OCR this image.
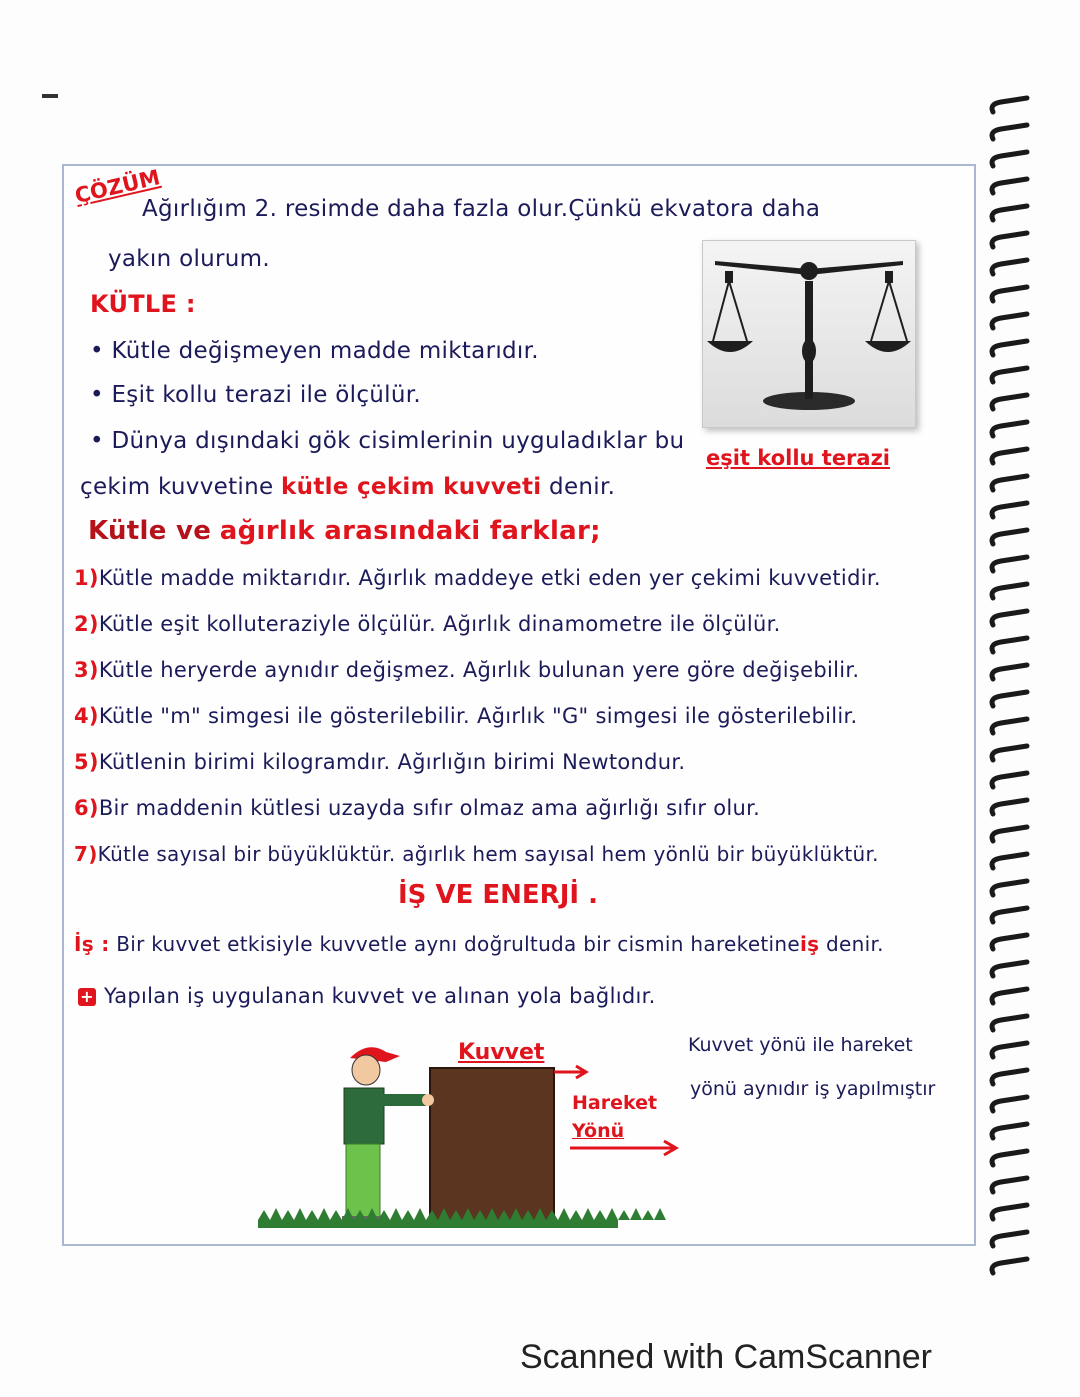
ÇÖZÜM
Ağırlığım 2. resimde daha fazla olur.Çünkü ekvatora daha
yakın olurum.
KÜTLE :
• Kütle değişmeyen madde miktarıdır.
• Eşit kollu terazi ile ölçülür.
• Dünya dışındaki gök cisimlerinin uyguladıklar bu
çekim kuvvetine kütle çekim kuvveti denir.
eşit kollu terazi
Kütle ve ağırlık arasındaki farklar;
1)Kütle madde miktarıdır. Ağırlık maddeye etki eden yer çekimi kuvvetidir.
2)Kütle eşit kolluteraziyle ölçülür. Ağırlık dinamometre ile ölçülür.
3)Kütle heryerde aynıdır değişmez. Ağırlık bulunan yere göre değişebilir.
4)Kütle "m" simgesi ile gösterilebilir. Ağırlık "G" simgesi ile gösterilebilir.
5)Kütlenin birimi kilogramdır. Ağırlığın birimi Newtondur.
6)Bir maddenin kütlesi uzayda sıfır olmaz ama ağırlığı sıfır olur.
7)Kütle sayısal bir büyüklüktür. ağırlık hem sayısal hem yönlü bir büyüklüktür.
İŞ VE ENERJİ .
İş : Bir kuvvet etkisiyle kuvvetle aynı doğrultuda bir cismin hareketineiş denir.
+ Yapılan iş uygulanan kuvvet ve alınan yola bağlıdır.
Kuvvet yönü ile hareket
yönü aynıdır iş yapılmıştır
Kuvvet
Hareket
Yönü
Scanned with CamScanner
